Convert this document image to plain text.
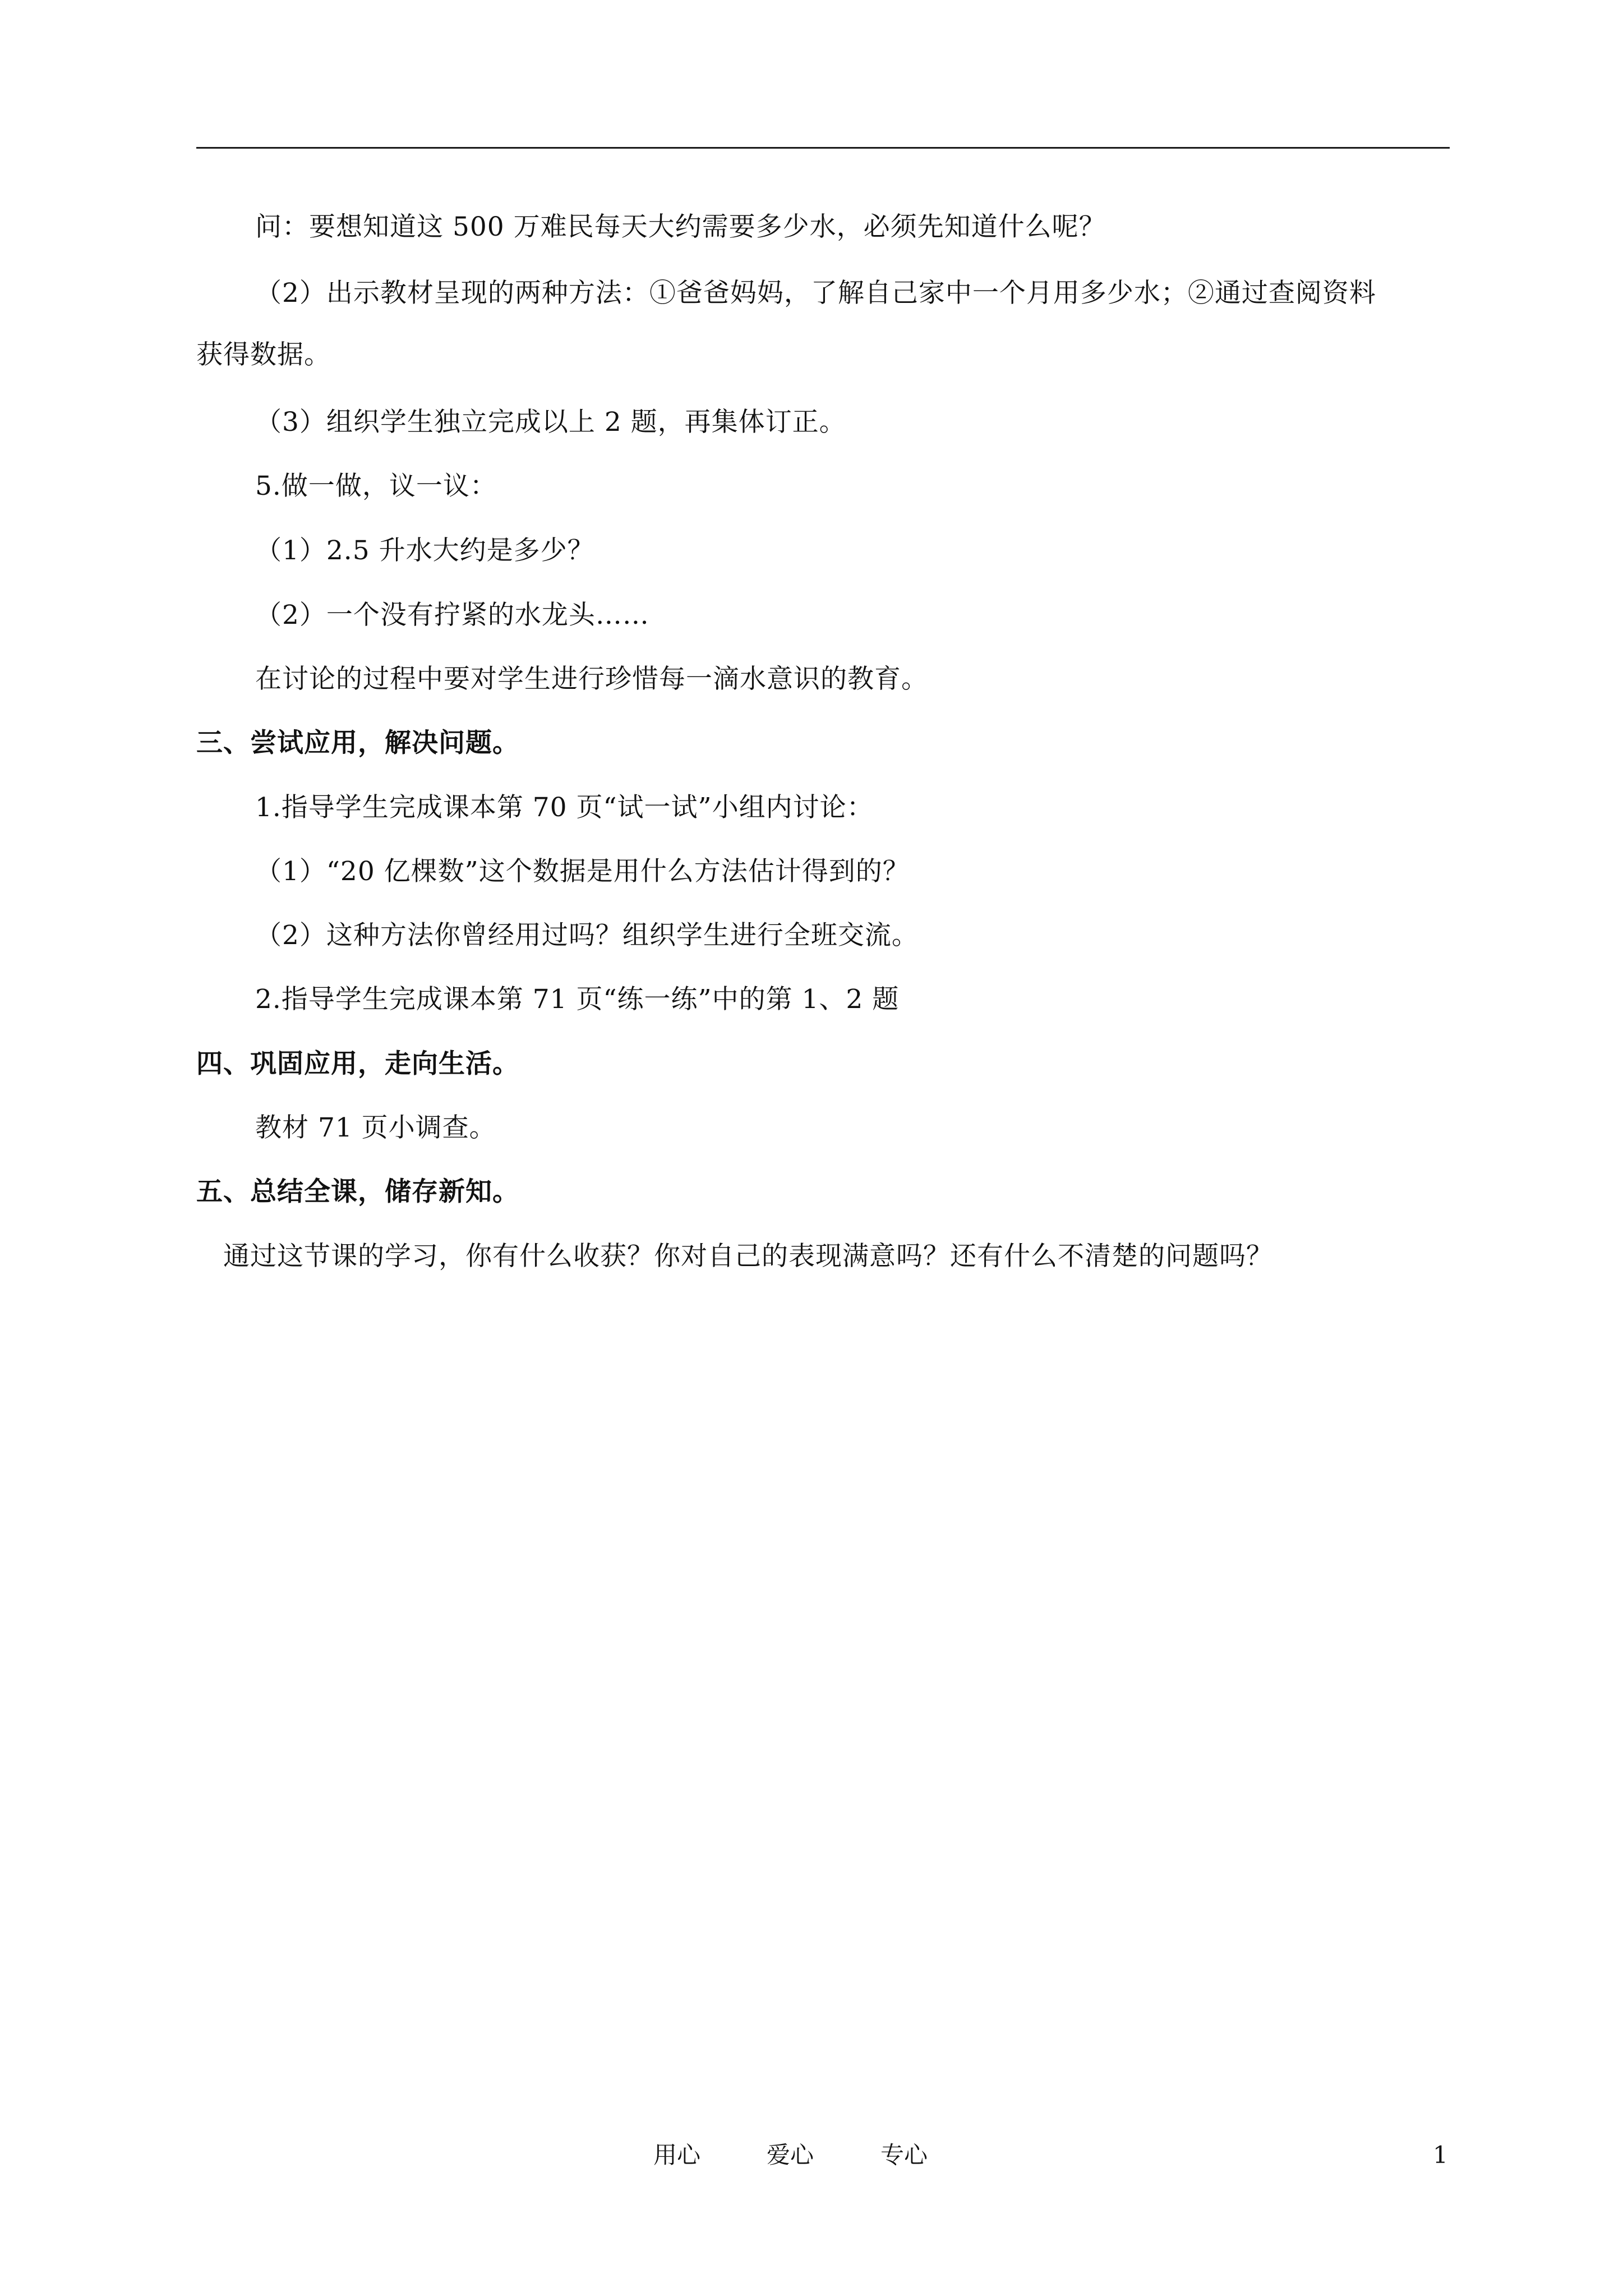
问：要想知道这 500 万难民每天大约需要多少水，必须先知道什么呢？
（2）出示教材呈现的两种方法：①爸爸妈妈，了解自己家中一个月用多少水；②通过查阅资料
获得数据。
（3）组织学生独立完成以上 2 题，再集体订正。
5.做一做，议一议：
（1）2.5 升水大约是多少？
（2）一个没有拧紧的水龙头……
在讨论的过程中要对学生进行珍惜每一滴水意识的教育。
三、尝试应用，解决问题。
1.指导学生完成课本第 70 页“试一试”小组内讨论：
（1）“20 亿棵数”这个数据是用什么方法估计得到的？
（2）这种方法你曾经用过吗？组织学生进行全班交流。
2.指导学生完成课本第 71 页“练一练”中的第 1、2 题
四、巩固应用，走向生活。
教材 71 页小调查。
五、总结全课，储存新知。
通过这节课的学习，你有什么收获？你对自己的表现满意吗？还有什么不清楚的问题吗？
用心	爱心	专心	1
